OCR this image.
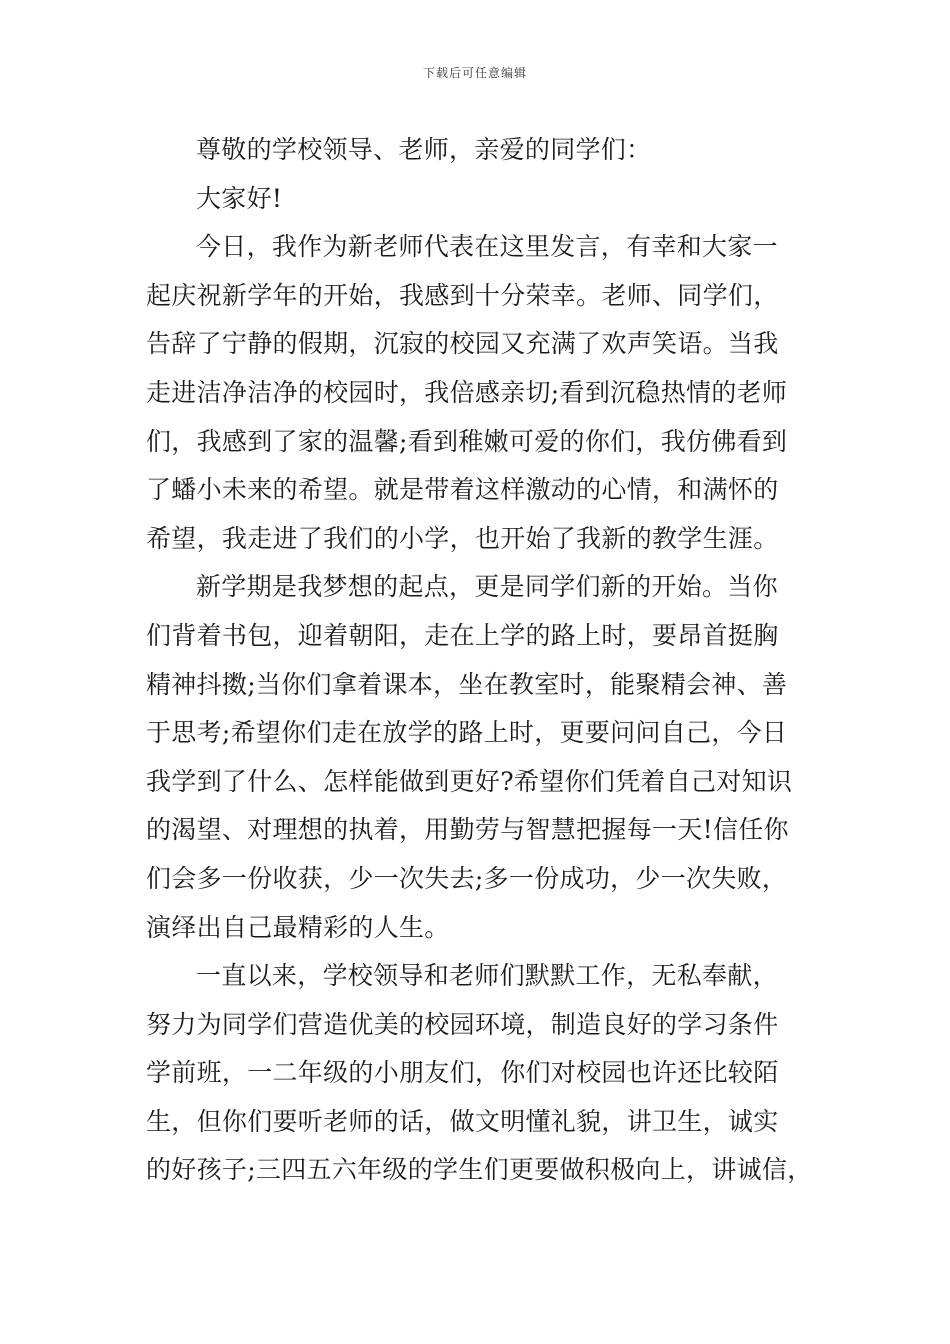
下载后可任意编辑
尊敬的学校领导、老师，亲爱的同学们：
大家好!
今日，我作为新老师代表在这里发言，有幸和大家一
起庆祝新学年的开始，我感到十分荣幸。老师、同学们，
告辞了宁静的假期，沉寂的校园又充满了欢声笑语。当我
走进洁净洁净的校园时，我倍感亲切;看到沉稳热情的老师
们，我感到了家的温馨;看到稚嫩可爱的你们，我仿佛看到
了蟠小未来的希望。就是带着这样激动的心情，和满怀的
希望，我走进了我们的小学，也开始了我新的教学生涯。
新学期是我梦想的起点，更是同学们新的开始。当你
们背着书包，迎着朝阳，走在上学的路上时，要昂首挺胸
精神抖擞;当你们拿着课本，坐在教室时，能聚精会神、善
于思考;希望你们走在放学的路上时，更要问问自己，今日
我学到了什么、怎样能做到更好?希望你们凭着自己对知识
的渴望、对理想的执着，用勤劳与智慧把握每一天!信任你
们会多一份收获，少一次失去;多一份成功，少一次失败，
演绎出自己最精彩的人生。
一直以来，学校领导和老师们默默工作，无私奉献，
努力为同学们营造优美的校园环境，制造良好的学习条件
学前班，一二年级的小朋友们，你们对校园也许还比较陌
生，但你们要听老师的话，做文明懂礼貌，讲卫生，诚实
的好孩子;三四五六年级的学生们更要做积极向上，讲诚信，
